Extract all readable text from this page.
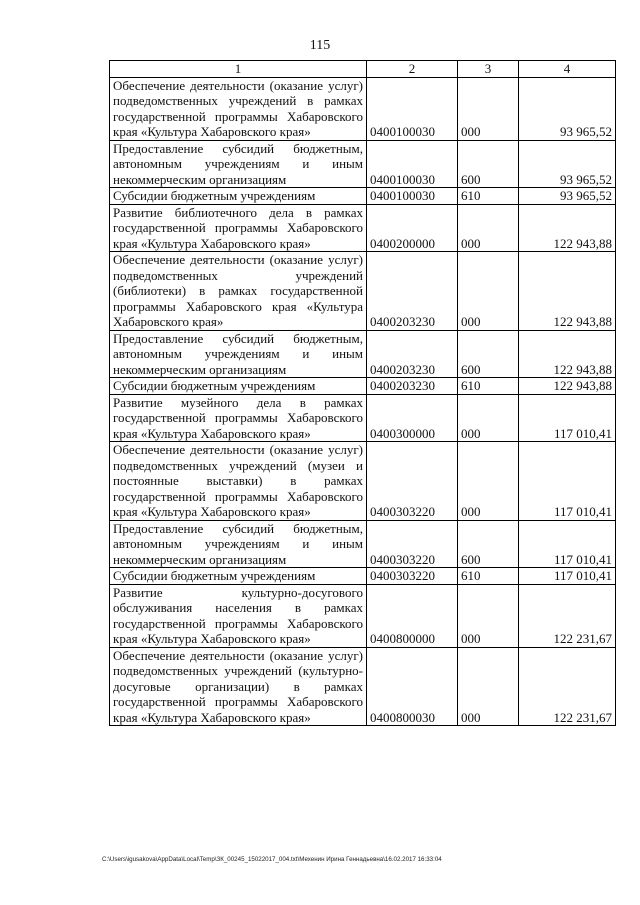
115
1	2	3	4
Обеспечение деятельности (оказание услуг) подведомственных учреждений в рамках государственной программы Хабаровского края «Культура Хабаровского края»	0400100030	000	93 965,52
Предоставление субсидий бюджетным, автономным учреждениям и иным некоммерческим организациям	0400100030	600	93 965,52
Субсидии бюджетным учреждениям	0400100030	610	93 965,52
Развитие библиотечного дела в рамках государственной программы Хабаровского края «Культура Хабаровского края»	0400200000	000	122 943,88
Обеспечение деятельности (оказание услуг) подведомственных учреждений (библиотеки) в рамках государственной программы Хабаровского края «Культура Хабаровского края»	0400203230	000	122 943,88
Предоставление субсидий бюджетным, автономным учреждениям и иным некоммерческим организациям	0400203230	600	122 943,88
Субсидии бюджетным учреждениям	0400203230	610	122 943,88
Развитие музейного дела в рамках государственной программы Хабаровского края «Культура Хабаровского края»	0400300000	000	117 010,41
Обеспечение деятельности (оказание услуг) подведомственных учреждений (музеи и постоянные выставки) в рамках государственной программы Хабаровского края «Культура Хабаровского края»	0400303220	000	117 010,41
Предоставление субсидий бюджетным, автономным учреждениям и иным некоммерческим организациям	0400303220	600	117 010,41
Субсидии бюджетным учреждениям	0400303220	610	117 010,41
Развитие культурно-досугового обслуживания населения в рамках государственной программы Хабаровского края «Культура Хабаровского края»	0400800000	000	122 231,67
Обеспечение деятельности (оказание услуг) подведомственных учреждений (культурно-досуговые организации) в рамках государственной программы Хабаровского края «Культура Хабаровского края»	0400800030	000	122 231,67
C:\Users\igusakova\AppData\Local\Temp\ЗК_00245_15022017_004.txt\Мехенин Ирина Геннадьевна\16.02.2017 16:33:04
